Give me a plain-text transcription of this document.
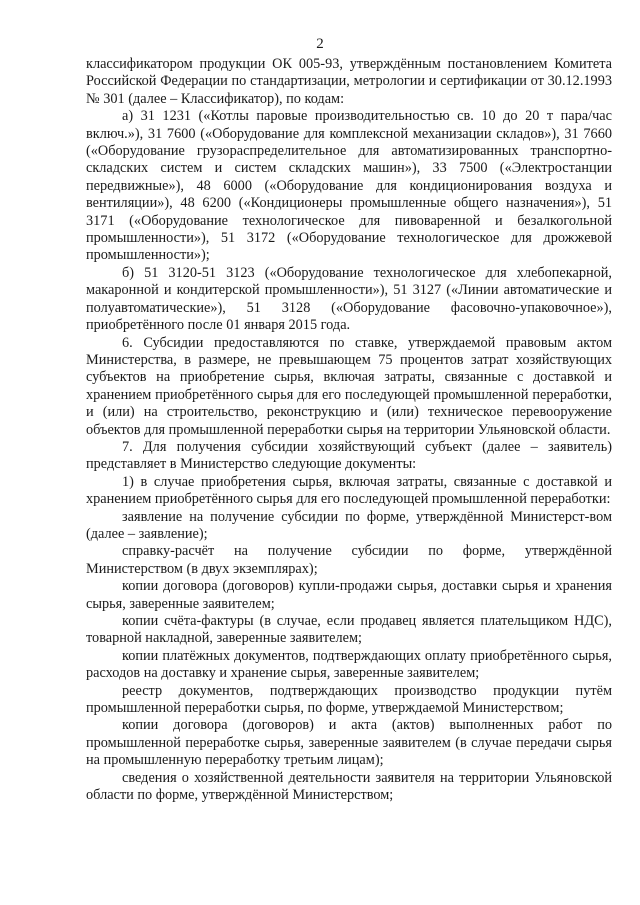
2

классификатором продукции ОК 005-93, утверждённым постановлением Комитета Российской Федерации по стандартизации, метрологии и сертификации от 30.12.1993 № 301 (далее – Классификатор), по кодам:

а) 31 1231 («Котлы паровые производительностью св. 10 до 20 т пара/час включ.»), 31 7600 («Оборудование для комплексной механизации складов»), 31 7660 («Оборудование грузораспределительное для автоматизированных транспортно-складских систем и систем складских машин»), 33 7500 («Электростанции передвижные»), 48 6000 («Оборудование для кондиционирования воздуха и вентиляции»), 48 6200 («Кондиционеры промышленные общего назначения»), 51 3171 («Оборудование технологическое для пивоваренной и безалкогольной промышленности»), 51 3172 («Оборудование технологическое для дрожжевой промышленности»);

б) 51 3120-51 3123 («Оборудование технологическое для хлебопекарной, макаронной и кондитерской промышленности»), 51 3127 («Линии автоматические и полуавтоматические»), 51 3128 («Оборудование фасовочно-упаковочное»), приобретённого после 01 января 2015 года.

6. Субсидии предоставляются по ставке, утверждаемой правовым актом Министерства, в размере, не превышающем 75 процентов затрат хозяйствующих субъектов на приобретение сырья, включая затраты, связанные с доставкой и хранением приобретённого сырья для его последующей промышленной переработки, и (или) на строительство, реконструкцию и (или) техническое перевооружение объектов для промышленной переработки сырья на территории Ульяновской области.

7. Для получения субсидии хозяйствующий субъект (далее – заявитель) представляет в Министерство следующие документы:

1) в случае приобретения сырья, включая затраты, связанные с доставкой и хранением приобретённого сырья для его последующей промышленной переработки:

заявление на получение субсидии по форме, утверждённой Министерст-вом (далее – заявление);

справку-расчёт на получение субсидии по форме, утверждённой Министерством (в двух экземплярах);

копии договора (договоров) купли-продажи сырья, доставки сырья и хранения сырья, заверенные заявителем;

копии счёта-фактуры (в случае, если продавец является плательщиком НДС), товарной накладной, заверенные заявителем;

копии платёжных документов, подтверждающих оплату приобретённого сырья, расходов на доставку и хранение сырья, заверенные заявителем;

реестр документов, подтверждающих производство продукции путём промышленной переработки сырья, по форме, утверждаемой Министерством;

копии договора (договоров) и акта (актов) выполненных работ по промышленной переработке сырья, заверенные заявителем (в случае передачи сырья на промышленную переработку третьим лицам);

сведения о хозяйственной деятельности заявителя на территории Ульяновской области по форме, утверждённой Министерством;
